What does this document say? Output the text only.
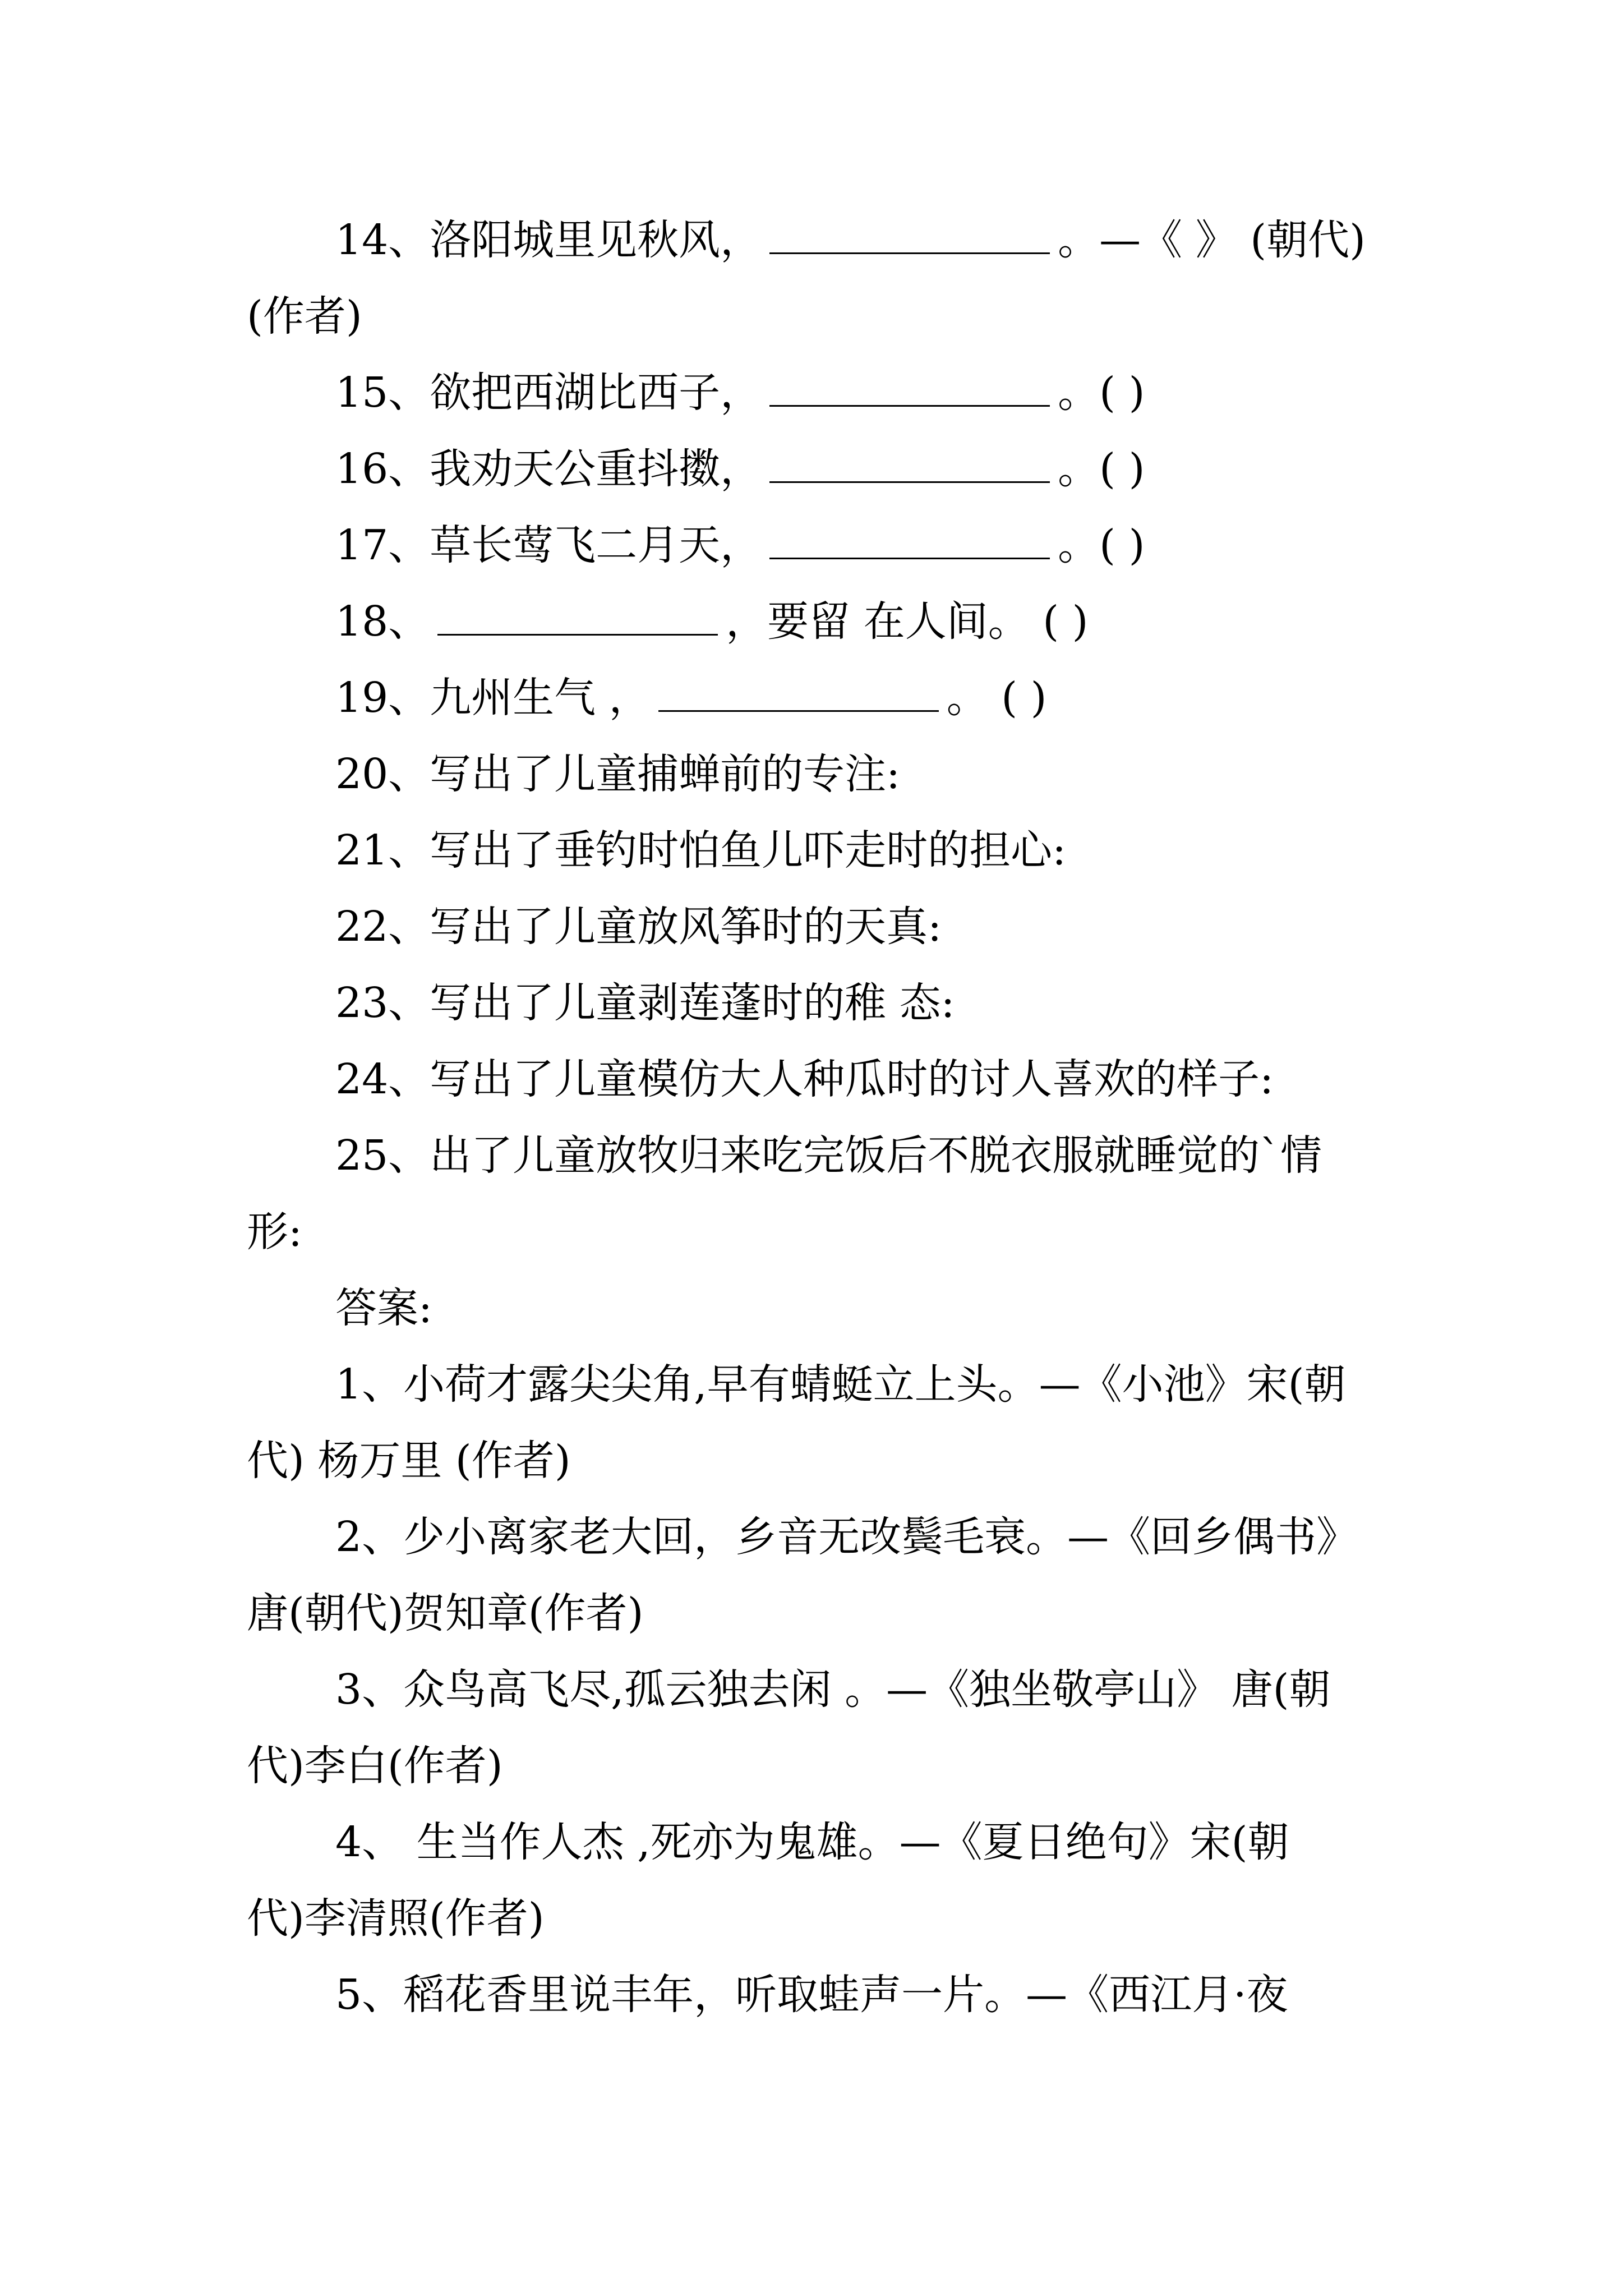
14、洛阳城里见秋风，	。—《 》 (朝代)
(作者)
15、欲把西湖比西子，	。( )
16、我劝天公重抖擞，	。( )
17、草长莺飞二月天，	。( )
18、	，要留 在人间。 ( )
19、九州生气 ，	。 ( )
20、写出了儿童捕蝉前的专注:
21、写出了垂钓时怕鱼儿吓走时的担心:
22、写出了儿童放风筝时的天真:
23、写出了儿童剥莲蓬时的稚 态:
24、写出了儿童模仿大人种瓜时的讨人喜欢的样子:
25、出了儿童放牧归来吃完饭后不脱衣服就睡觉的`情
形:
答案:
1、小荷才露尖尖角,早有蜻蜓立上头。—《小池》宋(朝
代) 杨万里 (作者)
2、少小离家老大回，乡音无改鬓毛衰。—《回乡偶书》
唐(朝代)贺知章(作者)
3、众鸟高飞尽,孤云独去闲 。—《独坐敬亭山》 唐(朝
代)李白(作者)
4、 生当作人杰 ,死亦为鬼雄。—《夏日绝句》宋(朝
代)李清照(作者)
5、稻花香里说丰年，听取蛙声一片。—《西江月·夜
